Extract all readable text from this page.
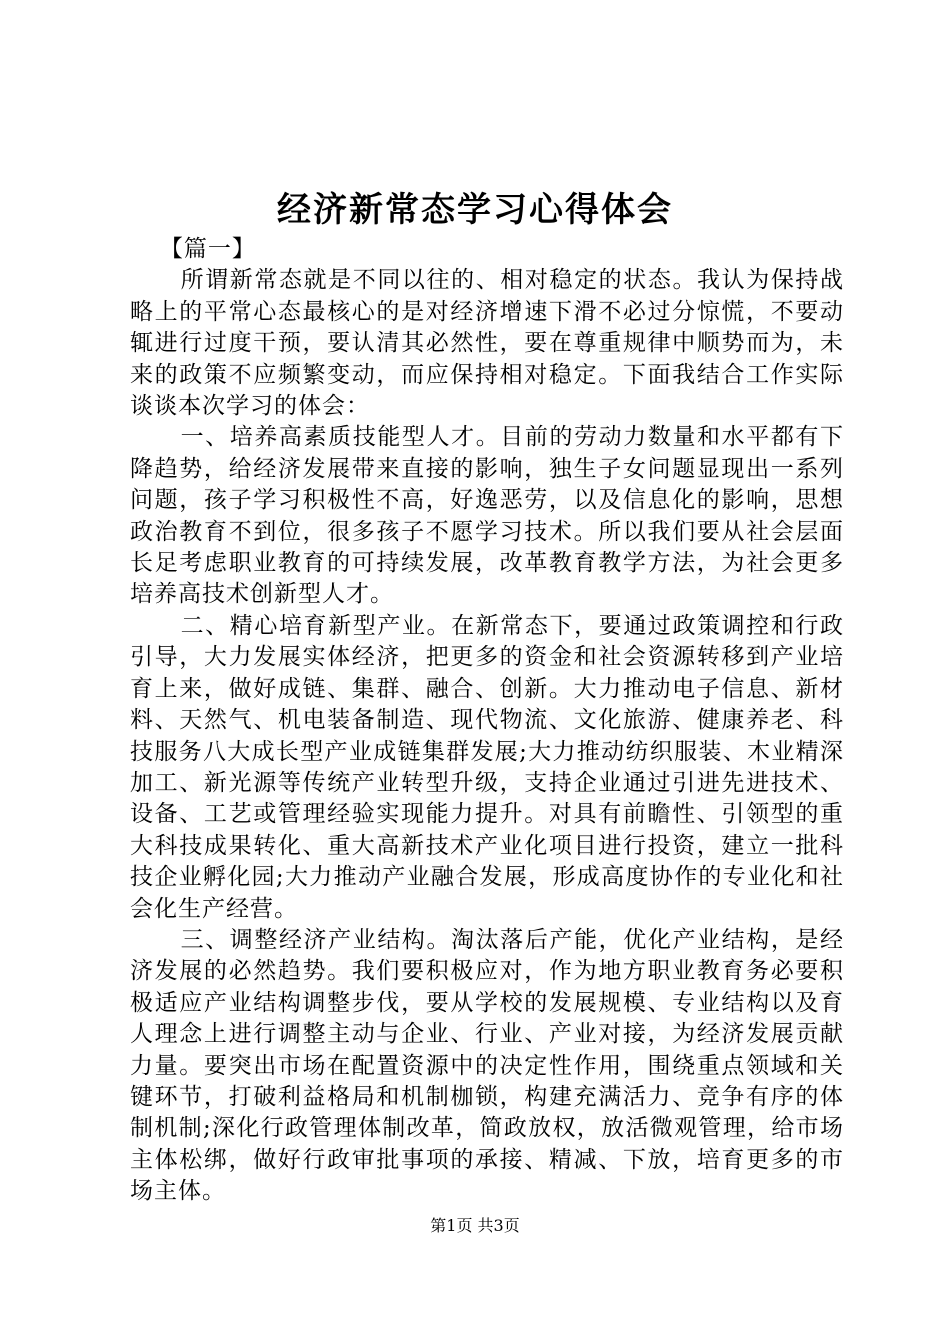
经济新常态学习心得体会

【篇一】

所谓新常态就是不同以往的、相对稳定的状态。我认为保持战略上的平常心态最核心的是对经济增速下滑不必过分惊慌，不要动辄进行过度干预，要认清其必然性，要在尊重规律中顺势而为，未来的政策不应频繁变动，而应保持相对稳定。下面我结合工作实际谈谈本次学习的体会：

一、培养高素质技能型人才。目前的劳动力数量和水平都有下降趋势，给经济发展带来直接的影响，独生子女问题显现出一系列问题，孩子学习积极性不高，好逸恶劳，以及信息化的影响，思想政治教育不到位，很多孩子不愿学习技术。所以我们要从社会层面长足考虑职业教育的可持续发展，改革教育教学方法，为社会更多培养高技术创新型人才。

二、精心培育新型产业。在新常态下，要通过政策调控和行政引导，大力发展实体经济，把更多的资金和社会资源转移到产业培育上来，做好成链、集群、融合、创新。大力推动电子信息、新材料、天然气、机电装备制造、现代物流、文化旅游、健康养老、科技服务八大成长型产业成链集群发展;大力推动纺织服装、木业精深加工、新光源等传统产业转型升级，支持企业通过引进先进技术、设备、工艺或管理经验实现能力提升。对具有前瞻性、引领型的重大科技成果转化、重大高新技术产业化项目进行投资，建立一批科技企业孵化园;大力推动产业融合发展，形成高度协作的专业化和社会化生产经营。

三、调整经济产业结构。淘汰落后产能，优化产业结构，是经济发展的必然趋势。我们要积极应对，作为地方职业教育务必要积极适应产业结构调整步伐，要从学校的发展规模、专业结构以及育人理念上进行调整主动与企业、行业、产业对接，为经济发展贡献力量。要突出市场在配置资源中的决定性作用，围绕重点领域和关键环节，打破利益格局和机制枷锁，构建充满活力、竞争有序的体制机制;深化行政管理体制改革，简政放权，放活微观管理，给市场主体松绑，做好行政审批事项的承接、精减、下放，培育更多的市场主体。

第1页 共3页
